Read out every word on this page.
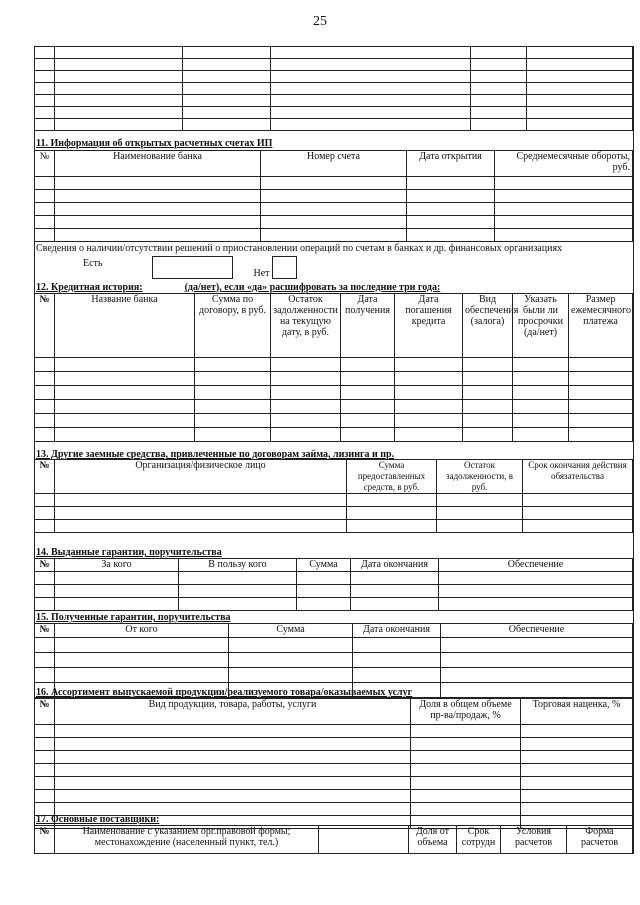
25

11. Информация об открытых расчетных счетах ИП
№	Наименование банка	Номер счета	Дата открытия	Среднемесячные обороты, руб.

Сведения о наличии/отсутствии решений о приостановлении операций по счетам в банках и др. финансовых организациях
Есть		Нет	
12. Кредитная история:	(да/нет), если «да» расшифровать за последние три года:
№	Название банка	Сумма по договору, в руб.	Остаток задолженности на текущую дату, в руб.	Дата получения	Дата погашения кредита	Вид обеспечения (залога)	Указать были ли просрочки (да/нет)	Размер ежемесячного платежа

13. Другие заемные средства, привлеченные по договорам займа, лизинга и пр.
№	Организация/физическое лицо	Сумма предоставленных средств, в руб.	Остаток задолженности, в руб.	Срок окончания действия обязательства

14. Выданные гарантии, поручительства
№	За кого	В пользу кого	Сумма	Дата окончания	Обеспечение

15. Полученные гарантии, поручительства
№	От кого	Сумма	Дата окончания	Обеспечение

16. Ассортимент выпускаемой продукции/реализуемого товара/оказываемых услуг
№	Вид продукции, товара, работы, услуги	Доля в общем объеме пр-ва/продаж, %	Торговая наценка, %

17. Основные поставщики:
№	Наименование с указанием орг.правовой формы; местонахождение (населенный пункт, тел.)		Доля от объема	Срок сотрудн	Условия расчетов	Форма расчетов
